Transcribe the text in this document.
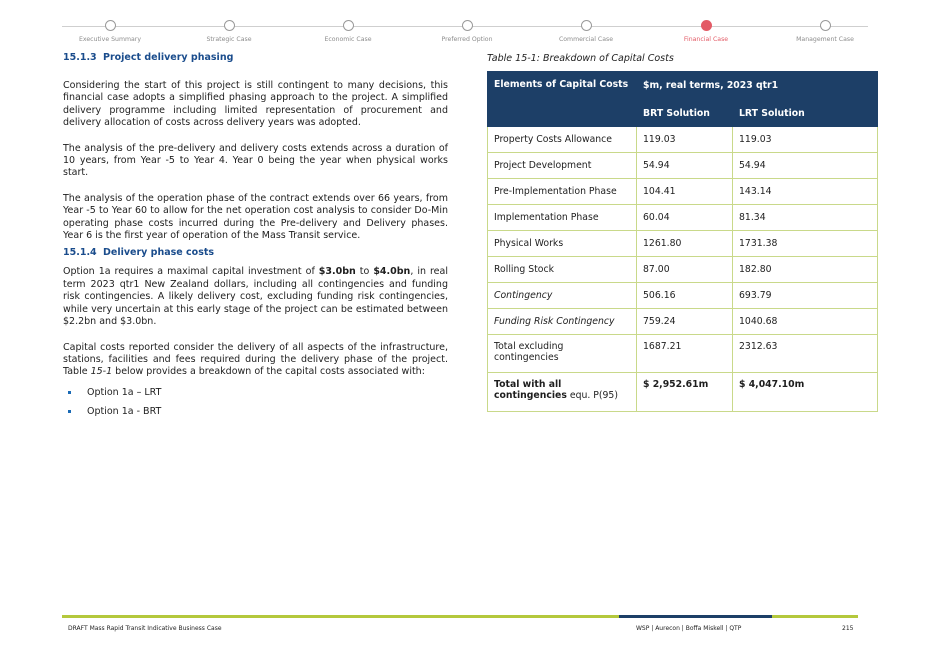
Executive Summary	Strategic Case	Economic Case	Preferred Option	Commercial Case	Financial Case	Management Case
15.1.3 Project delivery phasing

Considering the start of this project is still contingent to many decisions, this financial case adopts a simplified phasing approach to the project. A simplified delivery programme including limited representation of procurement and delivery allocation of costs across delivery years was adopted.

The analysis of the pre-delivery and delivery costs extends across a duration of 10 years, from Year -5 to Year 4. Year 0 being the year when physical works start.

The analysis of the operation phase of the contract extends over 66 years, from Year -5 to Year 60 to allow for the net operation cost analysis to consider Do-Min operating phase costs incurred during the Pre-delivery and Delivery phases. Year 6 is the first year of operation of the Mass Transit service.

15.1.4 Delivery phase costs

Option 1a requires a maximal capital investment of $3.0bn to $4.0bn, in real term 2023 qtr1 New Zealand dollars, including all contingencies and funding risk contingencies. A likely delivery cost, excluding funding risk contingencies, while very uncertain at this early stage of the project can be estimated between $2.2bn and $3.0bn.

Capital costs reported consider the delivery of all aspects of the infrastructure, stations, facilities and fees required during the delivery phase of the project. Table 15-1 below provides a breakdown of the capital costs associated with:

Option 1a – LRT
Option 1a - BRT
Table 15-1: Breakdown of Capital Costs
Elements of Capital Costs	$m, real terms, 2023 qtr1	
	BRT Solution	LRT Solution
Property Costs Allowance	119.03	119.03
Project Development	54.94	54.94
Pre-Implementation Phase	104.41	143.14
Implementation Phase	60.04	81.34
Physical Works	1261.80	1731.38
Rolling Stock	87.00	182.80
Contingency	506.16	693.79
Funding Risk Contingency	759.24	1040.68
Total excluding contingencies	1687.21	2312.63
Total with all contingencies equ. P(95)	$ 2,952.61m	$ 4,047.10m
DRAFT Mass Rapid Transit Indicative Business Case	WSP | Aurecon | Boffa Miskell | QTP	215
